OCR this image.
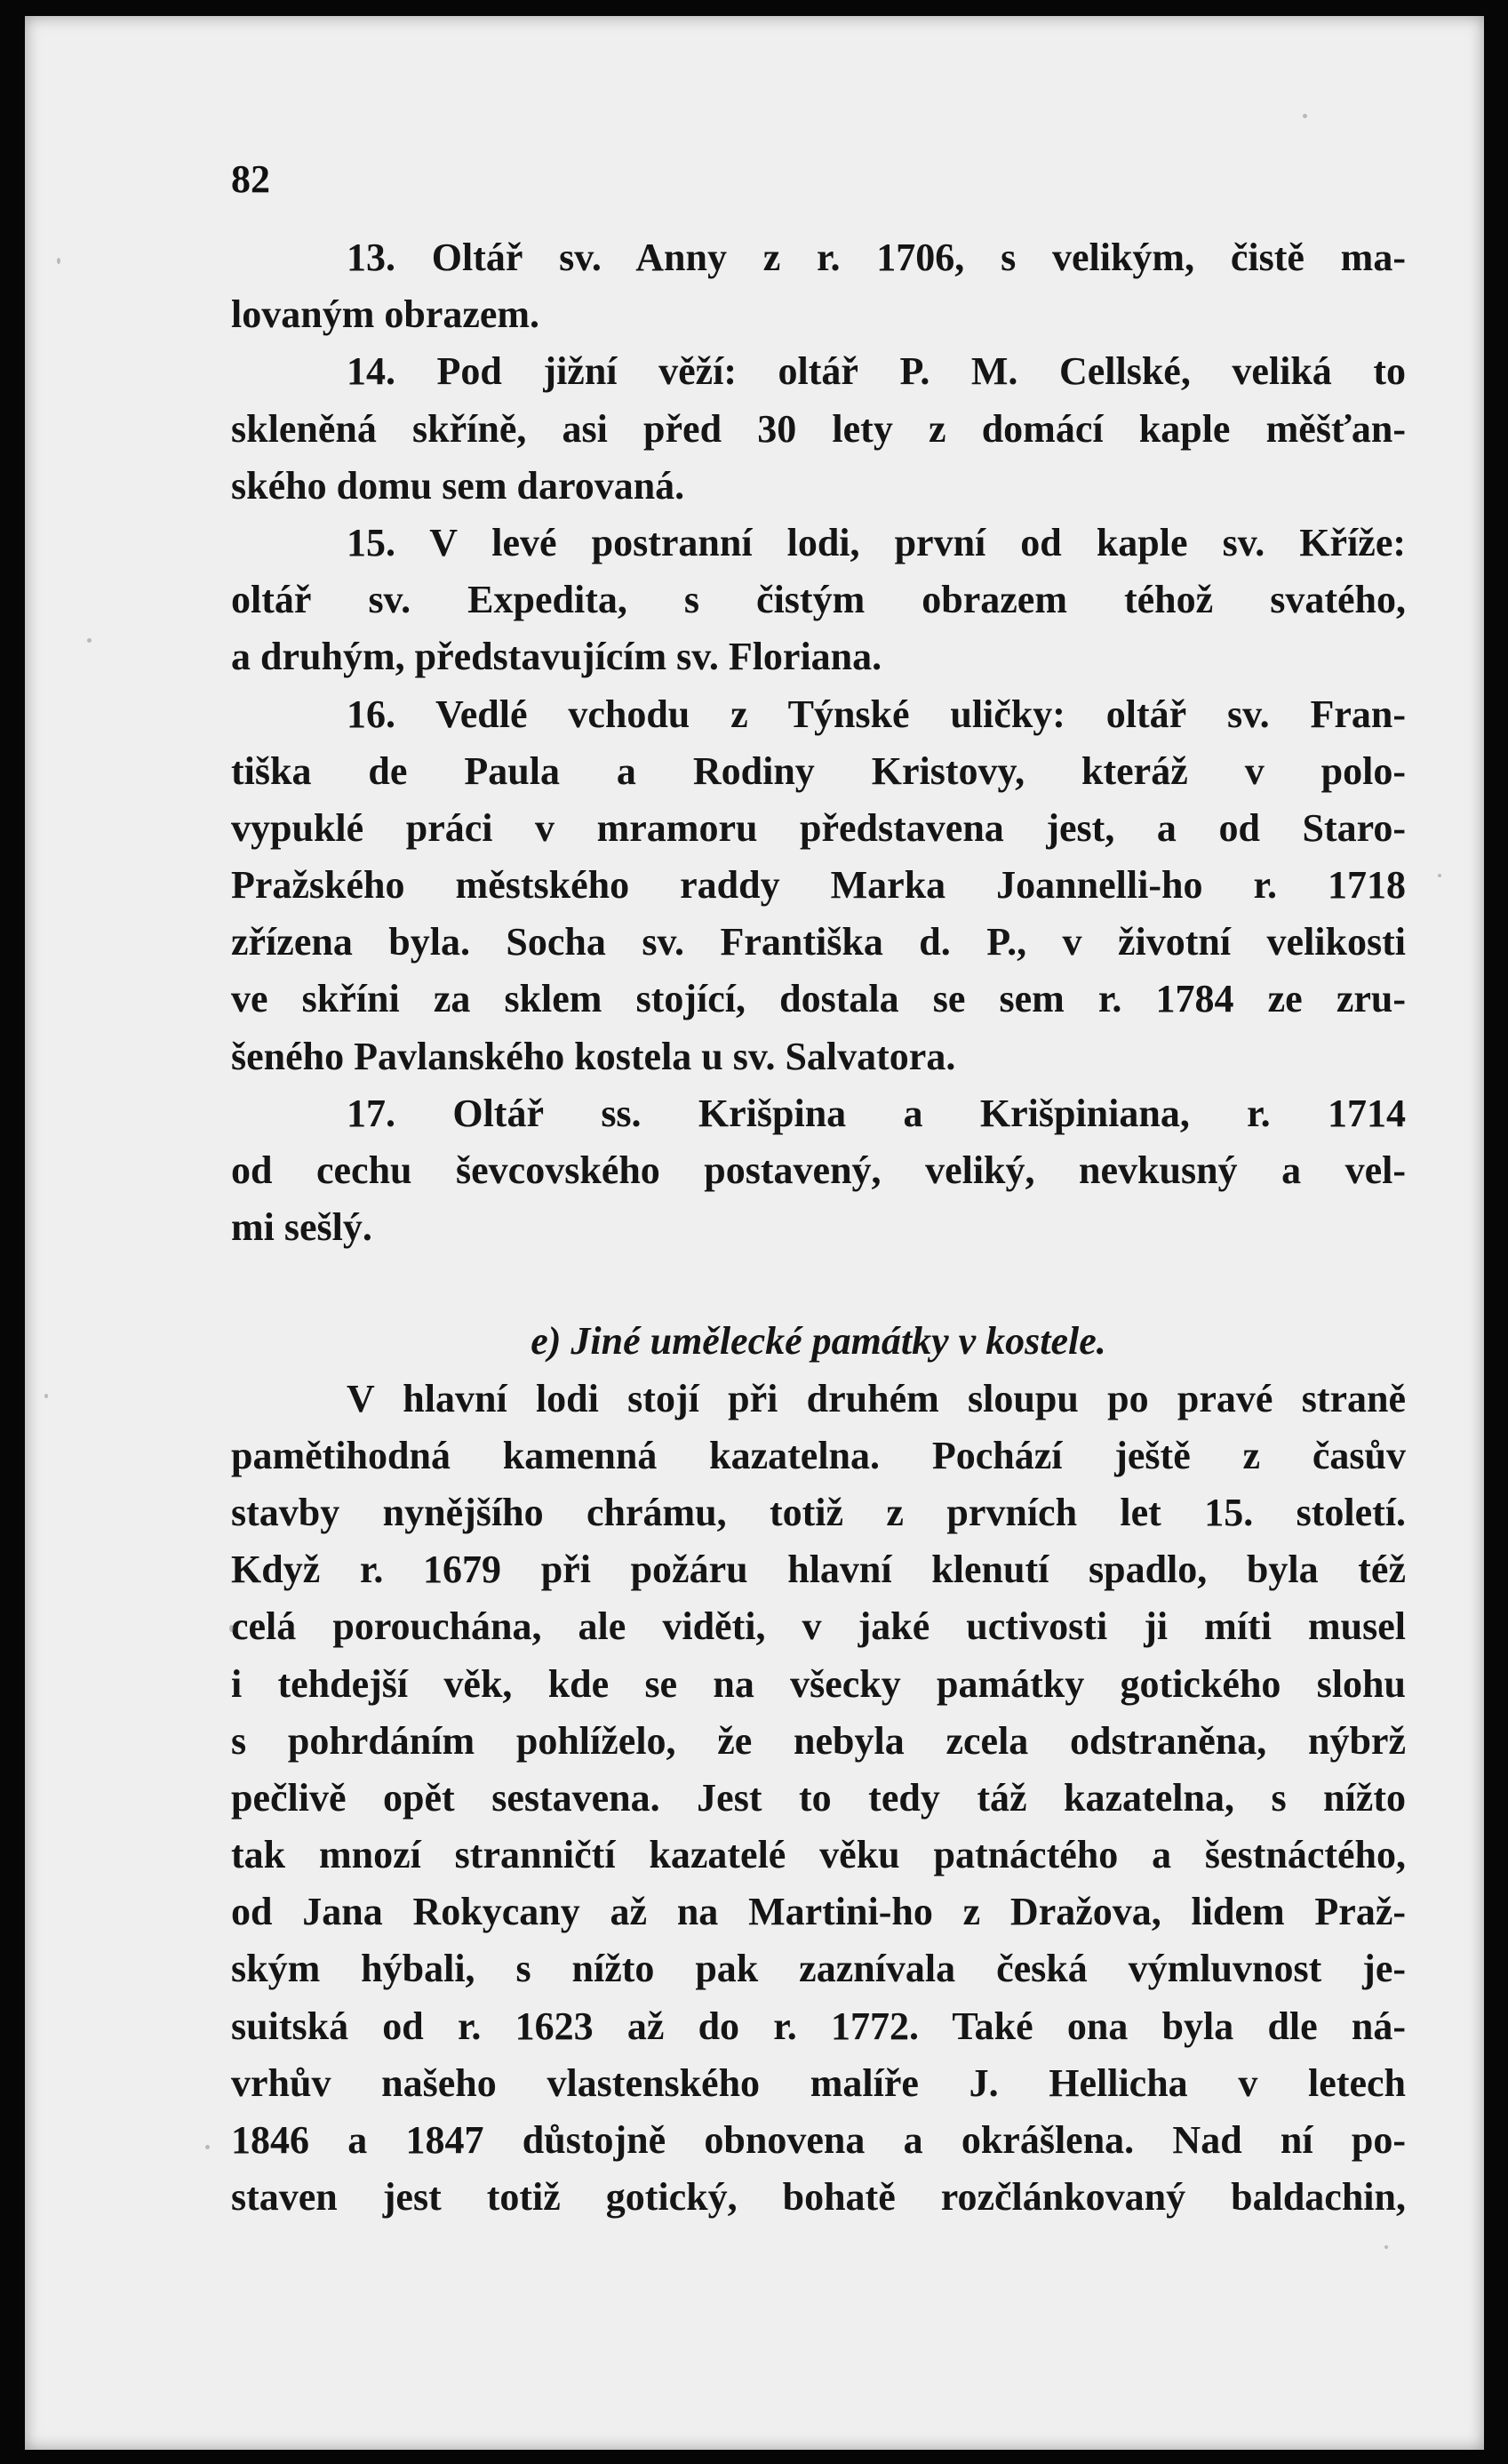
82
13. Oltář sv. Anny z r. 1706, s velikým, čistě ma-
lovaným obrazem.
14. Pod jižní věží: oltář P. M. Cellské, veliká to
skleněná skříně, asi před 30 lety z domácí kaple měšťan-
ského domu sem darovaná.
15. V levé postranní lodi, první od kaple sv. Kříže:
oltář sv. Expedita, s čistým obrazem téhož svatého,
a druhým, představujícím sv. Floriana.
16. Vedlé vchodu z Týnské uličky: oltář sv. Fran-
tiška de Paula a Rodiny Kristovy, kteráž v polo-
vypuklé práci v mramoru představena jest, a od Staro-
Pražského městského raddy Marka Joannelli-ho r. 1718
zřízena byla. Socha sv. Františka d. P., v životní velikosti
ve skříni za sklem stojící, dostala se sem r. 1784 ze zru-
šeného Pavlanského kostela u sv. Salvatora.
17. Oltář ss. Krišpina a Krišpiniana, r. 1714
od cechu ševcovského postavený, veliký, nevkusný a vel-
mi sešlý.
e) Jiné umělecké památky v kostele.
V hlavní lodi stojí při druhém sloupu po pravé straně
pamětihodná kamenná kazatelna. Pochází ještě z časův
stavby nynějšího chrámu, totiž z prvních let 15. století.
Když r. 1679 při požáru hlavní klenutí spadlo, byla též
celá porouchána, ale viděti, v jaké uctivosti ji míti musel
i tehdejší věk, kde se na všecky památky gotického slohu
s pohrdáním pohlíželo, že nebyla zcela odstraněna, nýbrž
pečlivě opět sestavena. Jest to tedy táž kazatelna, s nížto
tak mnozí stranničtí kazatelé věku patnáctého a šestnáctého,
od Jana Rokycany až na Martini-ho z Dražova, lidem Praž-
ským hýbali, s nížto pak zaznívala česká výmluvnost je-
suitská od r. 1623 až do r. 1772. Také ona byla dle ná-
vrhův našeho vlastenského malíře J. Hellicha v letech
1846 a 1847 důstojně obnovena a okrášlena. Nad ní po-
staven jest totiž gotický, bohatě rozčlánkovaný baldachin,
